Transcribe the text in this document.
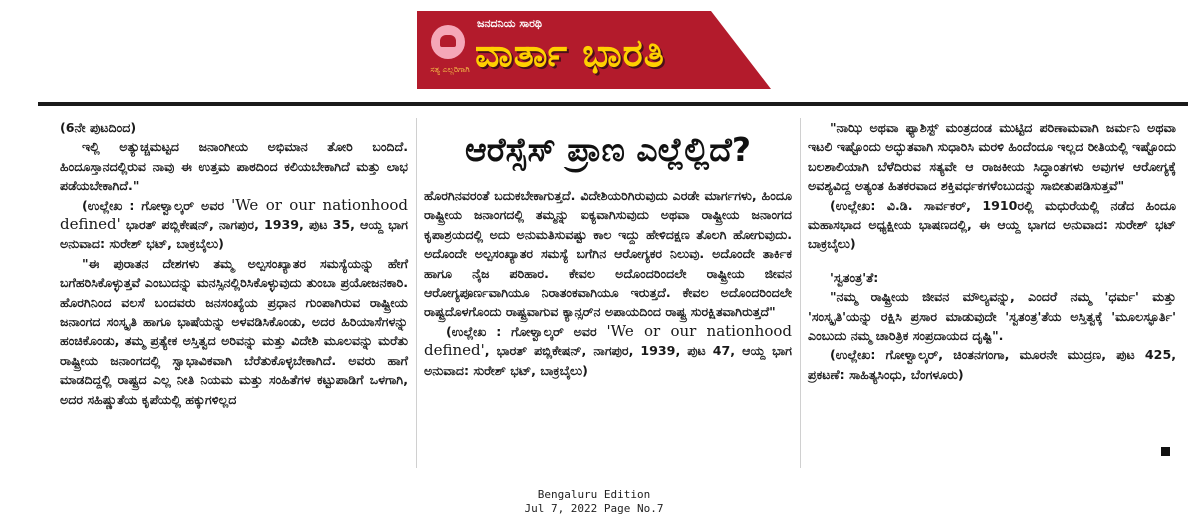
ಸತ್ಯ ಎಲ್ಲರಿಗಾಗಿ
ಜನದನಿಯ ಸಾರಥಿ
ವಾರ್ತಾ ಭಾರತಿ

(6ನೇ ಪುಟದಿಂದ)

ಇಲ್ಲಿ ಅತ್ಯುಚ್ಚಮಟ್ಟದ ಜನಾಂಗೀಯ ಅಭಿಮಾನ ತೋರಿ ಬಂದಿದೆ. ಹಿಂದೂಸ್ತಾನದಲ್ಲಿರುವ ನಾವು ಈ ಉತ್ತಮ ಪಾಠದಿಂದ ಕಲಿಯಬೇಕಾಗಿದೆ ಮತ್ತು ಲಾಭ ಪಡೆಯಬೇಕಾಗಿದೆ."

(ಉಲ್ಲೇಖ : ಗೋಳ್ವಾಲ್ಕರ್ ಅವರ 'We or our nationhood defined' ಭಾರತ್ ಪಬ್ಲಿಕೇಷನ್, ನಾಗಪುರ, 1939, ಪುಟ 35, ಆಯ್ದ ಭಾಗ ಅನುವಾದ: ಸುರೇಶ್ ಭಟ್, ಬಾಕ್ರಬೈಲು)

"ಈ ಪುರಾತನ ದೇಶಗಳು ತಮ್ಮ ಅಲ್ಪಸಂಖ್ಯಾತರ ಸಮಸ್ಯೆಯನ್ನು ಹೇಗೆ ಬಗೆಹರಿಸಿಕೊಳ್ಳುತ್ತವೆ ಎಂಬುದನ್ನು ಮನಸ್ಸಿನಲ್ಲಿರಿಸಿಕೊಳ್ಳುವುದು ತುಂಬಾ ಪ್ರಯೋಜನಕಾರಿ. ಹೊರಗಿನಿಂದ ವಲಸೆ ಬಂದವರು ಜನಸಂಖ್ಯೆಯ ಪ್ರಧಾನ ಗುಂಪಾಗಿರುವ ರಾಷ್ಟ್ರೀಯ ಜನಾಂಗದ ಸಂಸ್ಕೃತಿ ಹಾಗೂ ಭಾಷೆಯನ್ನು ಅಳವಡಿಸಿಕೊಂಡು, ಅದರ ಹಿರಿಯಾಸೆಗಳನ್ನು ಹಂಚಿಕೊಂಡು, ತಮ್ಮ ಪ್ರತ್ಯೇಕ ಅಸ್ತಿತ್ವದ ಅರಿವನ್ನು ಮತ್ತು ವಿದೇಶಿ ಮೂಲವನ್ನು ಮರೆತು ರಾಷ್ಟ್ರೀಯ ಜನಾಂಗದಲ್ಲಿ ಸ್ವಾಭಾವಿಕವಾಗಿ ಬೆರೆತುಕೊಳ್ಳಬೇಕಾಗಿದೆ. ಅವರು ಹಾಗೆ ಮಾಡದಿದ್ದಲ್ಲಿ ರಾಷ್ಟ್ರದ ಎಲ್ಲ ನೀತಿ ನಿಯಮ ಮತ್ತು ಸಂಹಿತೆಗಳ ಕಟ್ಟುಪಾಡಿಗೆ ಒಳಗಾಗಿ, ಅದರ ಸಹಿಷ್ಣುತೆಯ ಕೃಪೆಯಲ್ಲಿ ಹಕ್ಕುಗಳಿಲ್ಲದ

ಆರೆಸ್ಸೆಸ್ ಪ್ರಾಣ ಎಲ್ಲೆಲ್ಲಿದೆ?

ಹೊರಗಿನವರಂತೆ ಬದುಕಬೇಕಾಗುತ್ತದೆ. ವಿದೇಶಿಯರಿಗಿರುವುದು ಎರಡೇ ಮಾರ್ಗಗಳು, ಹಿಂದೂ ರಾಷ್ಟ್ರೀಯ ಜನಾಂಗದಲ್ಲಿ ತಮ್ಮನ್ನು ಐಕ್ಯವಾಗಿಸುವುದು ಅಥವಾ ರಾಷ್ಟ್ರೀಯ ಜನಾಂಗದ ಕೃಪಾಶ್ರಯದಲ್ಲಿ ಅದು ಅನುಮತಿಸುವಷ್ಟು ಕಾಲ ಇದ್ದು ಹೇಳಿದಕ್ಷಣ ತೊಲಗಿ ಹೋಗುವುದು. ಅದೊಂದೇ ಅಲ್ಪಸಂಖ್ಯಾತರ ಸಮಸ್ಯೆ ಬಗೆಗಿನ ಆರೋಗ್ಯಕರ ನಿಲುವು. ಅದೊಂದೇ ತಾರ್ಕಿಕ ಹಾಗೂ ನೈಜ ಪರಿಹಾರ. ಕೇವಲ ಅದೊಂದರಿಂದಲೇ ರಾಷ್ಟ್ರೀಯ ಜೀವನ ಆರೋಗ್ಯಪೂರ್ಣವಾಗಿಯೂ ನಿರಾತಂಕವಾಗಿಯೂ ಇರುತ್ತದೆ. ಕೇವಲ ಅದೊಂದರಿಂದಲೇ ರಾಷ್ಟ್ರದೊಳಗೊಂದು ರಾಷ್ಟ್ರವಾಗುವ ಕ್ಯಾನ್ಸರ್‌ನ ಅಪಾಯದಿಂದ ರಾಷ್ಟ್ರ ಸುರಕ್ಷಿತವಾಗಿರುತ್ತದೆ"

(ಉಲ್ಲೇಖ : ಗೋಳ್ವಾಲ್ಕರ್ ಅವರ 'We or our nationhood defined', ಭಾರತ್ ಪಬ್ಲಿಕೇಷನ್, ನಾಗಪುರ, 1939, ಪುಟ 47, ಆಯ್ದ ಭಾಗ ಅನುವಾದ: ಸುರೇಶ್ ಭಟ್, ಬಾಕ್ರಬೈಲು)

"ನಾಝಿ ಅಥವಾ ಫ್ಯಾಶಿಸ್ಟ್ ಮಂತ್ರದಂಡ ಮುಟ್ಟಿದ ಪರಿಣಾಮವಾಗಿ ಜರ್ಮನಿ ಅಥವಾ ಇಟಲಿ ಇಷ್ಟೊಂದು ಅದ್ಭುತವಾಗಿ ಸುಧಾರಿಸಿ ಮರಳಿ ಹಿಂದೆಂದೂ ಇಲ್ಲದ ರೀತಿಯಲ್ಲಿ ಇಷ್ಟೊಂದು ಬಲಶಾಲಿಯಾಗಿ ಬೆಳೆದಿರುವ ಸತ್ಯವೇ ಆ ರಾಜಕೀಯ ಸಿದ್ಧಾಂತಗಳು ಅವುಗಳ ಆರೋಗ್ಯಕ್ಕೆ ಅವಶ್ಯವಿದ್ದ ಅತ್ಯಂತ ಹಿತಕರವಾದ ಶಕ್ತಿವರ್ಧಕಗಳೆಂಬುದನ್ನು ಸಾಬೀತುಪಡಿಸುತ್ತವೆ"

(ಉಲ್ಲೇಖ: ವಿ.ಡಿ. ಸಾರ್ವಕರ್, 1910ರಲ್ಲಿ ಮಧುರೆಯಲ್ಲಿ ನಡೆದ ಹಿಂದೂ ಮಹಾಸಭಾದ ಅಧ್ಯಕ್ಷೀಯ ಭಾಷಣದಲ್ಲಿ, ಈ ಆಯ್ದ ಭಾಗದ ಅನುವಾದ: ಸುರೇಶ್ ಭಟ್ ಬಾಕ್ರಬೈಲು)

'ಸ್ವತಂತ್ರ'ತೆ:

"ನಮ್ಮ ರಾಷ್ಟ್ರೀಯ ಜೀವನ ಮೌಲ್ಯವನ್ನು, ಎಂದರೆ ನಮ್ಮ 'ಧರ್ಮ' ಮತ್ತು 'ಸಂಸ್ಕೃತಿ'ಯನ್ನು ರಕ್ಷಿಸಿ ಪ್ರಸಾರ ಮಾಡುವುದೇ 'ಸ್ವತಂತ್ರ'ತೆಯ ಅಸ್ತಿತ್ವಕ್ಕೆ 'ಮೂಲಸ್ಫೂರ್ತಿ' ಎಂಬುದು ನಮ್ಮ ಚಾರಿತ್ರಿಕ ಸಂಪ್ರದಾಯದ ದೃಷ್ಟಿ".

(ಉಲ್ಲೇಖ: ಗೋಳ್ವಾಲ್ಕರ್, ಚಿಂತನಗಂಗಾ, ಮೂರನೇ ಮುದ್ರಣ, ಪುಟ 425, ಪ್ರಕಟಣೆ: ಸಾಹಿತ್ಯಸಿಂಧು, ಬೆಂಗಳೂರು)

Bengaluru Edition
Jul 7, 2022 Page No.7
